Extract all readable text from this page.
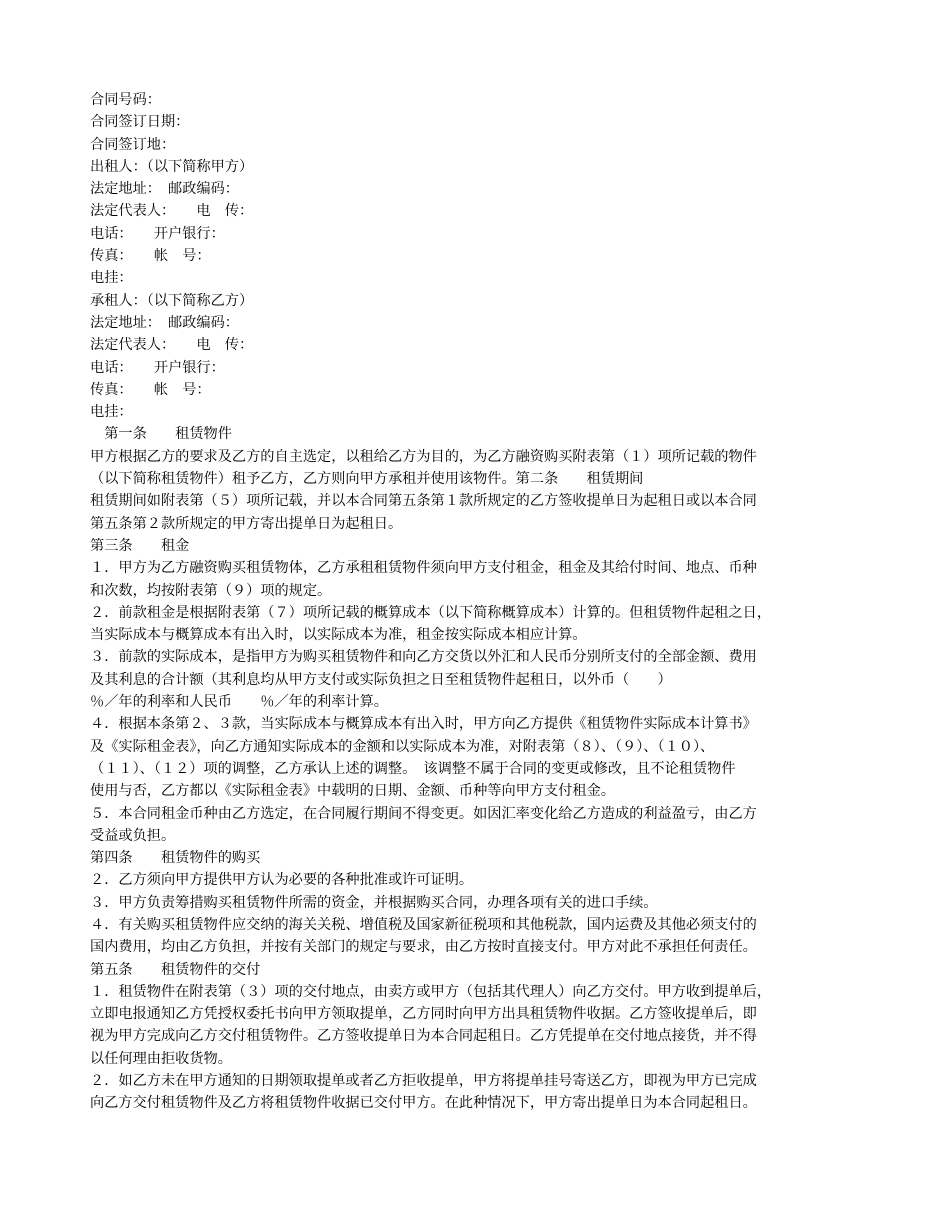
合同号码：
合同签订日期：
合同签订地：
出租人：（以下简称甲方）
法定地址：　邮政编码：
法定代表人：　　电　传：
电话：　　开户银行：
传真：　　帐　号：
电挂：
承租人：（以下简称乙方）
法定地址：　邮政编码：
法定代表人：　　电　传：
电话：　　开户银行：
传真：　　帐　号：
电挂：
　第一条　　租赁物件
甲方根据乙方的要求及乙方的自主选定，以租给乙方为目的，为乙方融资购买附表第（１）项所记载的物件
（以下简称租赁物件）租予乙方，乙方则向甲方承租并使用该物件。第二条　　租赁期间
租赁期间如附表第（５）项所记载，并以本合同第五条第１款所规定的乙方签收提单日为起租日或以本合同
第五条第２款所规定的甲方寄出提单日为起租日。
第三条　　租金
１．甲方为乙方融资购买租赁物体，乙方承租租赁物件须向甲方支付租金，租金及其给付时间、地点、币种
和次数，均按附表第（９）项的规定。
２．前款租金是根据附表第（７）项所记载的概算成本（以下简称概算成本）计算的。但租赁物件起租之日，
当实际成本与概算成本有出入时，以实际成本为准，租金按实际成本相应计算。
３．前款的实际成本，是指甲方为购买租赁物件和向乙方交货以外汇和人民币分别所支付的全部金额、费用
及其利息的合计额（其利息均从甲方支付或实际负担之日至租赁物件起租日，以外币（　　）
％／年的利率和人民币　　％／年的利率计算。
４．根据本条第２、３款，当实际成本与概算成本有出入时，甲方向乙方提供《租赁物件实际成本计算书》
及《实际租金表》，向乙方通知实际成本的金额和以实际成本为准，对附表第（８）、（９）、（１０）、
（１１）、（１２）项的调整，乙方承认上述的调整。　该调整不属于合同的变更或修改，且不论租赁物件
使用与否，乙方都以《实际租金表》中载明的日期、金额、币种等向甲方支付租金。
５．本合同租金币种由乙方选定，在合同履行期间不得变更。如因汇率变化给乙方造成的利益盈亏，由乙方
受益或负担。
第四条　　租赁物件的购买
２．乙方须向甲方提供甲方认为必要的各种批准或许可证明。
３．甲方负责筹措购买租赁物件所需的资金，并根据购买合同，办理各项有关的进口手续。
４．有关购买租赁物件应交纳的海关关税、增值税及国家新征税项和其他税款，国内运费及其他必须支付的
国内费用，均由乙方负担，并按有关部门的规定与要求，由乙方按时直接支付。甲方对此不承担任何责任。
第五条　　租赁物件的交付
１．租赁物件在附表第（３）项的交付地点，由卖方或甲方（包括其代理人）向乙方交付。甲方收到提单后，
立即电报通知乙方凭授权委托书向甲方领取提单，乙方同时向甲方出具租赁物件收据。乙方签收提单后，即
视为甲方完成向乙方交付租赁物件。乙方签收提单日为本合同起租日。乙方凭提单在交付地点接货，并不得
以任何理由拒收货物。
２．如乙方未在甲方通知的日期领取提单或者乙方拒收提单，甲方将提单挂号寄送乙方，即视为甲方已完成
向乙方交付租赁物件及乙方将租赁物件收据已交付甲方。在此种情况下，甲方寄出提单日为本合同起租日。
